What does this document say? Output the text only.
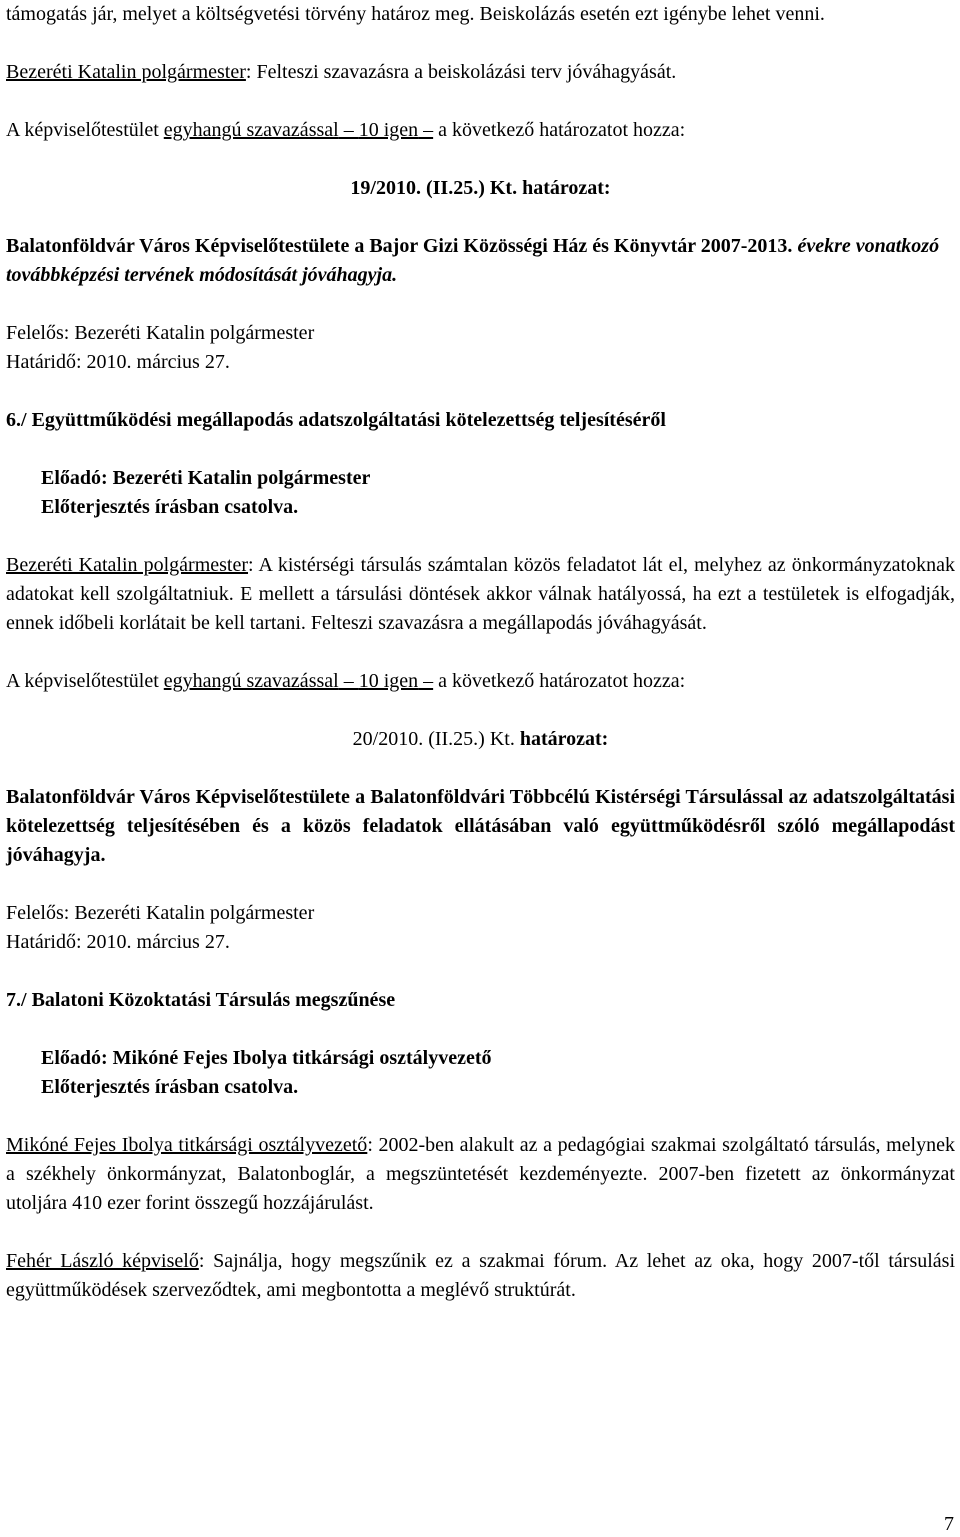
támogatás jár, melyet a költségvetési törvény határoz meg. Beiskolázás esetén ezt igénybe lehet venni.

Bezeréti Katalin polgármester: Felteszi szavazásra a beiskolázási terv jóváhagyását.

A képviselőtestület egyhangú szavazással – 10 igen – a következő határozatot hozza:

19/2010. (II.25.) Kt. határozat:

Balatonföldvár Város Képviselőtestülete a Bajor Gizi Közösségi Ház és Könyvtár 2007-2013. évekre vonatkozó továbbképzési tervének módosítását jóváhagyja.

Felelős: Bezeréti Katalin polgármester

Határidő: 2010. március 27.

6./ Együttműködési megállapodás adatszolgáltatási kötelezettség teljesítéséről

Előadó: Bezeréti Katalin polgármester

Előterjesztés írásban csatolva.

Bezeréti Katalin polgármester: A kistérségi társulás számtalan közös feladatot lát el, melyhez az önkormányzatoknak adatokat kell szolgáltatniuk. E mellett a társulási döntések akkor válnak hatályossá, ha ezt a testületek is elfogadják, ennek időbeli korlátait be kell tartani. Felteszi szavazásra a megállapodás jóváhagyását.

A képviselőtestület egyhangú szavazással – 10 igen – a következő határozatot hozza:

20/2010. (II.25.) Kt. határozat:

Balatonföldvár Város Képviselőtestülete a Balatonföldvári Többcélú Kistérségi Társulással az adatszolgáltatási kötelezettség teljesítésében és a közös feladatok ellátásában való együttműködésről szóló megállapodást jóváhagyja.

Felelős: Bezeréti Katalin polgármester

Határidő: 2010. március 27.

7./ Balatoni Közoktatási Társulás megszűnése

Előadó: Mikóné Fejes Ibolya titkársági osztályvezető

Előterjesztés írásban csatolva.

Mikóné Fejes Ibolya titkársági osztályvezető: 2002-ben alakult az a pedagógiai szakmai szolgáltató társulás, melynek a székhely önkormányzat, Balatonboglár, a megszüntetését kezdeményezte. 2007-ben fizetett az önkormányzat utoljára 410 ezer forint összegű hozzájárulást.

Fehér László képviselő: Sajnálja, hogy megszűnik ez a szakmai fórum. Az lehet az oka, hogy 2007-től társulási együttműködések szerveződtek, ami megbontotta a meglévő struktúrát.

7
